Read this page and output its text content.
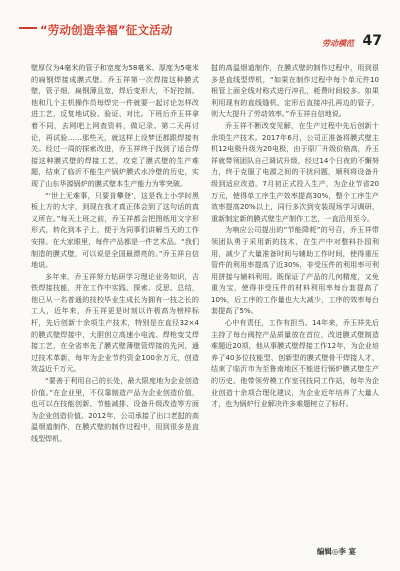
“劳动创造幸福”征文活动
劳动模范 47

壁厚仅为4毫米的管子和宽度为58毫米、厚度为5毫米的扁钢焊接成膜式壁。乔玉祥第一次焊接这种膜式壁，管子细，扁钢薄且宽，焊后变形大，不好控制。他和几个主机操作员每焊完一件就要一起讨论怎样改进工艺，反复地试验、验证、对比。下班后乔玉祥拿着不同，去网吧上网查资料，做记录。第二天再讨论，再试验……那些天，就这样上设梦还都跟焊接有关。经过一周的探索改进，乔玉祥终于找到了适合焊接这种膜式壁的焊接工艺，攻克了膜式壁的生产难题，结束了临沂不能生产锅炉膜式水冷壁的历史，实现了山东华源锅炉的膜式壁本生产能力为零突破。

“‘世上无难事，只要肯攀登’，这是我上小学时黑板上方的大字，到现在我才真正体会到了这句话的真义所在。”每天上班之前，乔玉祥都会把图纸用文字形形式，转化到本子上，便于为同事们讲解当天的工作安排。在大家眼里，每件产品都是一件艺术品。“我们制造的膜式壁，可以说是全国最漂亮的。”乔玉祥自信地说。

多年来，乔玉祥努力钻研学习理论业务知识，吉铁焊接技能，并在工作中实践、探索、反思、总结，他已从一名普通的技校毕业生成长为拥有一技之长的工人，近年来，乔玉祥更是时刻以许极高为榜样标杆，先后创新十余项生产技术，特别是在直径32×4的膜式壁焊接中，大胆创立高速小电流、焊枪变艾焊接工艺，在全省率先了膜式壁薄壁管焊接的先河，通过技术革新，每年为企业节约资金100余万元，创造效益近千万元。

“要善于利用自己的长处，最大限度地为企业创造价值。”在企业里，不仅靠制造产品为企业创造价值，也可以在技能创新、节能减排、设备升级改造等方面为企业创造价值。2012年，公司承接了出口老挝的高温烟道制作，在膜式壁的制作过程中，用到很多是直线型焊机。

挝的高温烟道制作，在膜式壁的制作过程中，用到很多是直线型焊机，“如果在制作过程中每个单元件10根管上面全线对称式进行冲孔，耗费时间较多。如果利用现有的直线缝机，定形后直接冲孔再边的管子，则大大提升了劳动效率。”乔玉祥自信地说。

乔玉祥不断改变见解，在生产过程中先后创新十余项生产技术。2017年6月，公司正准备将膜式壁主机12电极升级为20电极，由于原厂升级价格高，乔玉祥就带领团队自己调试升级，经过14个日夜的不懈努力，终于克服了电源之间的干扰问题，顺利将设备升级到适应改造。7月初正式投入生产，为企业节省20万元，使得单工序生产效率提高30%，整个工序生产效率提高20%以上，同行多次到安装现场学习调研，重新制定新的膜式壁生产制作工艺，一直沿用至今。

为响应公司提出的“节能降耗”的号召，乔玉祥带领团队勇于采用新的技术，在生产中对整料扑园利用，减少了大量准备时间与辅助工作时间，使得重压管件的利用率提高了近30%，非受压件的利用率可利用拼接与辅料利用。既保证了产品的几何精度，又免重为宝，使得非受压件的材料利用率每台套提高了10%，后工序的工作量也大大减少，工序的效率每台套提高了5%。

心中有责任，工作有担当。14年来，乔玉祥先后主持了每台阀控产品质量放在首位，改进膜式壁制造难题近20项，他从事膜式壁焊接工作12年，为企业培养了40多位技能型、创新型的膜式壁骨干焊接人才，结束了临沂市为至鲁南地区不能进行锅炉膜式壁生产的历史。他带领劳模工作室刊技同工作站，每年为企业创造十余项合理化建议，为企业近年培养了大量人才，也为锅炉行业解决许多难题树立了标杆。

编辑◎李 宴
